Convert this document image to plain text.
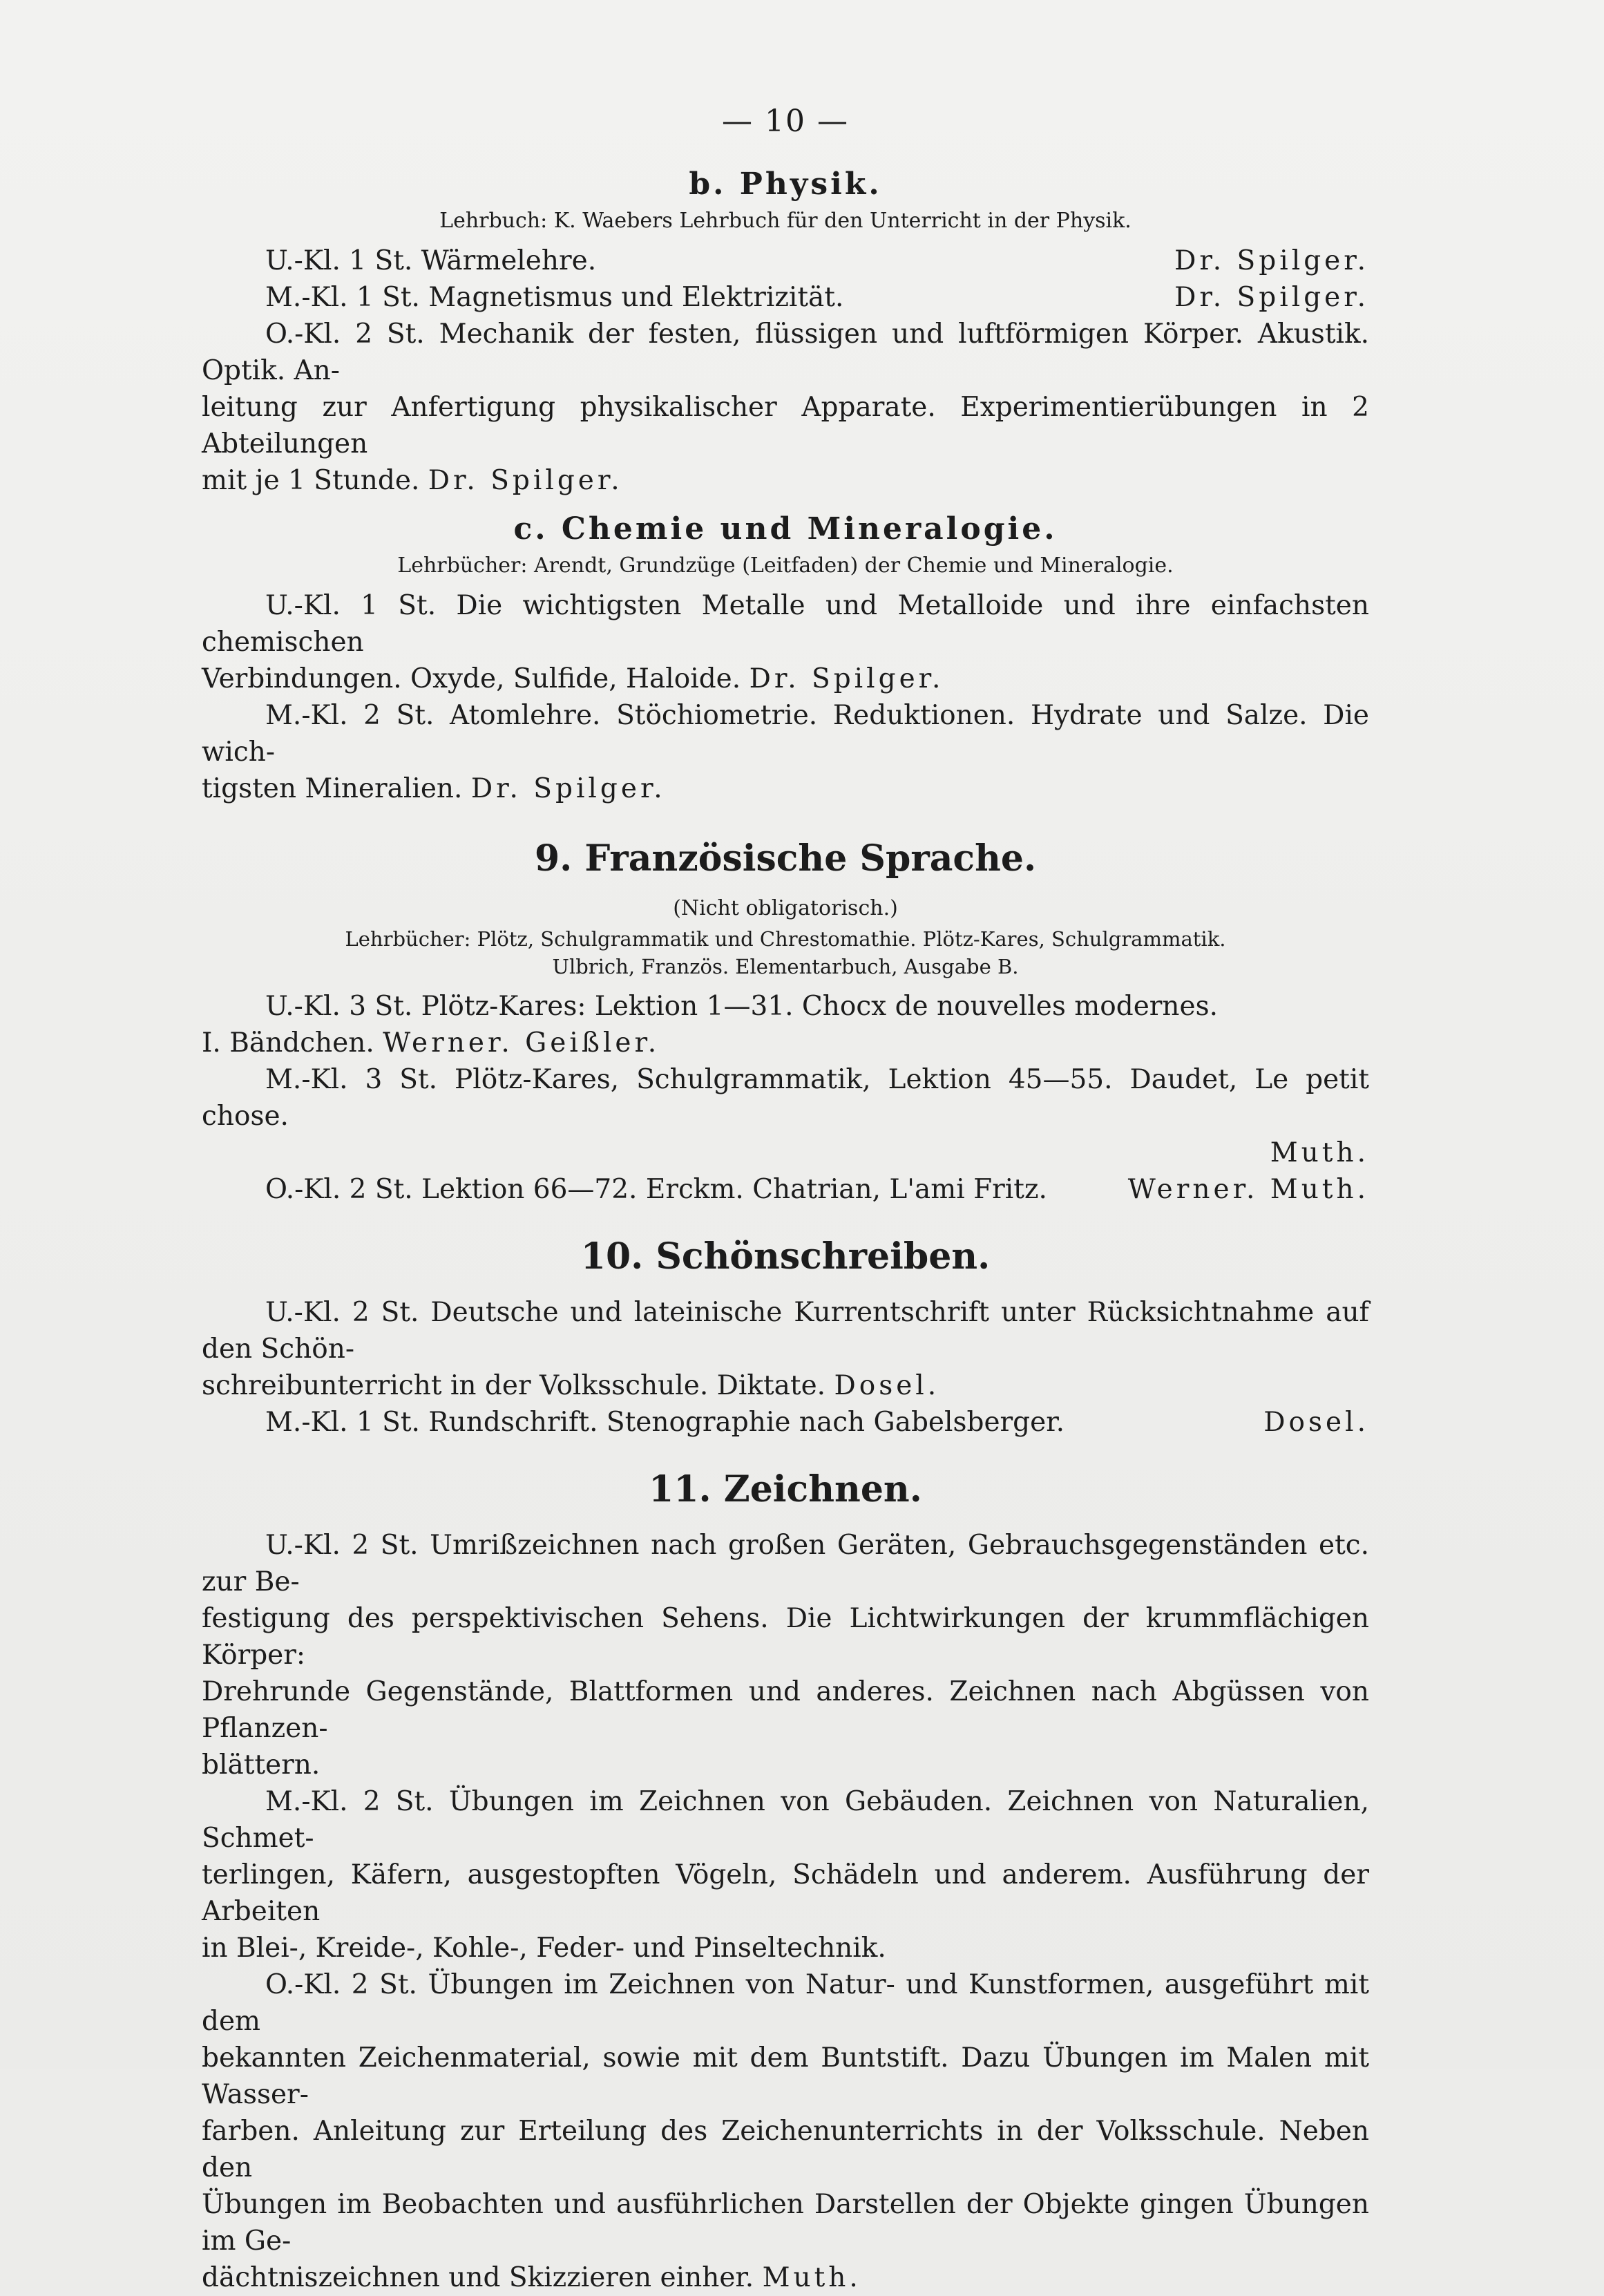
— 10 —
b. Physik.
Lehrbuch: K. Waebers Lehrbuch für den Unterricht in der Physik.
U.-Kl. 1 St. Wärmelehre.	Dr. Spilger.
M.-Kl. 1 St. Magnetismus und Elektrizität.	Dr. Spilger.
O.-Kl. 2 St. Mechanik der festen, flüssigen und luftförmigen Körper. Akustik. Optik. An-
leitung zur Anfertigung physikalischer Apparate. Experimentierübungen in 2 Abteilungen
mit je 1 Stunde. Dr. Spilger.
c. Chemie und Mineralogie.
Lehrbücher: Arendt, Grundzüge (Leitfaden) der Chemie und Mineralogie.
U.-Kl. 1 St. Die wichtigsten Metalle und Metalloide und ihre einfachsten chemischen
Verbindungen. Oxyde, Sulfide, Haloide. Dr. Spilger.
M.-Kl. 2 St. Atomlehre. Stöchiometrie. Reduktionen. Hydrate und Salze. Die wich-
tigsten Mineralien. Dr. Spilger.
9. Französische Sprache.
(Nicht obligatorisch.)
Lehrbücher: Plötz, Schulgrammatik und Chrestomathie. Plötz-Kares, Schulgrammatik.
Ulbrich, Französ. Elementarbuch, Ausgabe B.
U.-Kl. 3 St. Plötz-Kares: Lektion 1—31. Chocx de nouvelles modernes.
I. Bändchen. Werner. Geißler.
M.-Kl. 3 St. Plötz-Kares, Schulgrammatik, Lektion 45—55. Daudet, Le petit chose.
Muth.
O.-Kl. 2 St. Lektion 66—72. Erckm. Chatrian, L'ami Fritz.	Werner. Muth.
10. Schönschreiben.
U.-Kl. 2 St. Deutsche und lateinische Kurrentschrift unter Rücksichtnahme auf den Schön-
schreibunterricht in der Volksschule. Diktate. Dosel.
M.-Kl. 1 St. Rundschrift. Stenographie nach Gabelsberger.	Dosel.
11. Zeichnen.
U.-Kl. 2 St. Umrißzeichnen nach großen Geräten, Gebrauchsgegenständen etc. zur Be-
festigung des perspektivischen Sehens. Die Lichtwirkungen der krummflächigen Körper:
Drehrunde Gegenstände, Blattformen und anderes. Zeichnen nach Abgüssen von Pflanzen-
blättern.
M.-Kl. 2 St. Übungen im Zeichnen von Gebäuden. Zeichnen von Naturalien, Schmet-
terlingen, Käfern, ausgestopften Vögeln, Schädeln und anderem. Ausführung der Arbeiten
in Blei-, Kreide-, Kohle-, Feder- und Pinseltechnik.
O.-Kl. 2 St. Übungen im Zeichnen von Natur- und Kunstformen, ausgeführt mit dem
bekannten Zeichenmaterial, sowie mit dem Buntstift. Dazu Übungen im Malen mit Wasser-
farben. Anleitung zur Erteilung des Zeichenunterrichts in der Volksschule. Neben den
Übungen im Beobachten und ausführlichen Darstellen der Objekte gingen Übungen im Ge-
dächtniszeichnen und Skizzieren einher. Muth.
